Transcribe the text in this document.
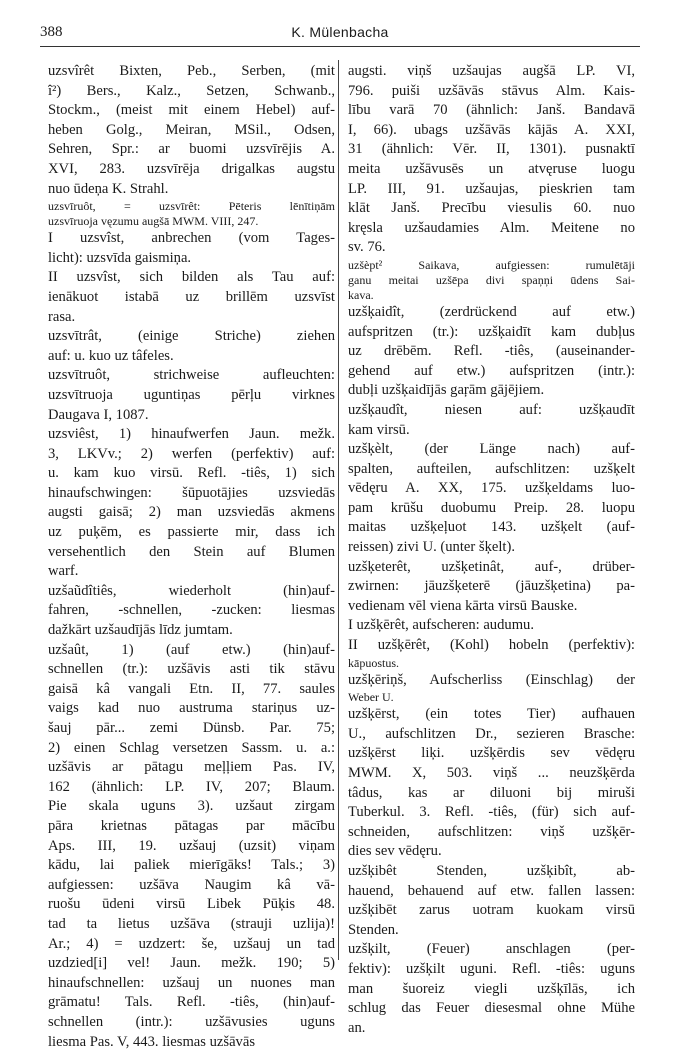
388	K. Mülenbacha
uzsvîrêt Bixten, Peb., Serben, (mit
î²) Bers., Kalz., Setzen, Schwanb.,
Stockm., (meist mit einem Hebel) auf-
heben Golg., Meiran, MSil., Odsen,
Sehren, Spr.: ar buomi uzsvīrējis A.
XVI, 283. uzsvīrēja drigalkas augstu
nuo ūdeņa K. Strahl.
uzsvīruôt, = uzsvīrêt: Pēteris lēnītiņām
uzsvīruoja vęzumu augšā MWM. VIII, 247.
I uzsvîst, anbrechen (vom Tages-
licht): uzsvīda gaismiņa.
II uzsvîst, sich bilden als Tau auf:
ienākuot istabā uz brillēm uzsvīst
rasa.
uzsvītrât, (einige Striche) ziehen
auf: u. kuo uz tâfeles.
uzsvītruôt, strichweise aufleuchten:
uzsvītruoja uguntiņas pērļu virknes
Daugava I, 1087.
uzsviêst, 1) hinaufwerfen Jaun. mežk.
3, LKVv.; 2) werfen (perfektiv) auf:
u. kam kuo virsū. Refl. -tiês, 1) sich
hinaufschwingen: šūpuotājies uzsviedās
augsti gaisā; 2) man uzsviedās akmens
uz puķēm, es passierte mir, dass ich
versehentlich den Stein auf Blumen
warf.
uzšaũdîtiês, wiederholt (hin)auf-
fahren, -schnellen, -zucken: liesmas
dažkārt uzšaudījās līdz jumtam.
uzšaût, 1) (auf etw.) (hin)auf-
schnellen (tr.): uzšāvis asti tik stāvu
gaisā kâ vangali Etn. II, 77. saules
vaigs kad nuo austruma stariņus uz-
šauj pār... zemi Dünsb. Par. 75;
2) einen Schlag versetzen Sassm. u. a.:
uzšāvis ar pātagu meļļiem Pas. IV,
162 (ähnlich: LP. IV, 207; Blaum.
Pie skala uguns 3). uzšaut zirgam
pāra krietnas pātagas par mācību
Aps. III, 19. uzšauj (uzsit) viņam
kādu, lai paliek mierīgāks! Tals.; 3)
aufgiessen: uzšāva Naugim kâ vā-
ruošu ūdeni virsū Libek Pūķis 48.
tad ta lietus uzšāva (strauji uzlija)!
Ar.; 4) = uzdzert: še, uzšauj un tad
uzdzied[i] vel! Jaun. mežk. 190; 5)
hinaufschnellen: uzšauj un nuones man
grāmatu! Tals. Refl. -tiês, (hin)auf-
schnellen (intr.): uzšāvusies uguns
liesma Pas. V, 443. liesmas uzšāvās
augsti. viņš uzšaujas augšā LP. VI,
796. puiši uzšāvās stāvus Alm. Kais-
lību varā 70 (ähnlich: Janš. Bandavā
I, 66). ubags uzšāvās kājās A. XXI,
31 (ähnlich: Vēr. II, 1301). pusnaktī
meita uzšāvusēs un atvęruse luogu
LP. III, 91. uzšaujas, pieskrien tam
klāt Janš. Precību viesulis 60. nuo
kręsla uzšaudamies Alm. Meitene no
sv. 76.
uzšèpt² Saikava, aufgiessen: rumulētāji
ganu meitai uzšēpa divi spaņņi ūdens Sai-
kava.
uzšķaidît, (zerdrückend auf etw.)
aufspritzen (tr.): uzšķaidīt kam dubļus
uz drēbēm. Refl. -tiês, (auseinander-
gehend auf etw.) aufspritzen (intr.):
dubļi uzšķaidījās gaŗām gājējiem.
uzšķaudît, niesen auf: uzšķaudīt
kam virsū.
uzšķèlt, (der Länge nach) auf-
spalten, aufteilen, aufschlitzen: uzšķelt
vēdęru A. XX, 175. uzšķeldams luo-
pam krūšu duobumu Preip. 28. luopu
maitas uzšķeļuot 143. uzšķelt (auf-
reissen) zivi U. (unter šķelt).
uzšķeterêt, uzšķetinât, auf-, drüber-
zwirnen: jāuzšķeterē (jāuzšķetina) pa-
vedienam vēl viena kārta virsū Bauske.
I uzšķērêt, aufscheren: audumu.
II uzšķērêt, (Kohl) hobeln (perfektiv):
kāpuostus.
uzšķēriņš, Aufscherliss (Einschlag) der
Weber U.
uzšķērst, (ein totes Tier) aufhauen
U., aufschlitzen Dr., sezieren Brasche:
uzšķērst liķi. uzšķērdis sev vēdęru
MWM. X, 503. viņš ... neuzšķērda
tâdus, kas ar diluoni bij miruši
Tuberkul. 3. Refl. -tiês, (für) sich auf-
schneiden, aufschlitzen: viņš uzšķēr-
dies sev vēdęru.
uzšķibêt Stenden, uzšķibît, ab-
hauend, behauend auf etw. fallen lassen:
uzšķibēt zarus uotram kuokam virsū
Stenden.
uzšķilt, (Feuer) anschlagen (per-
fektiv): uzšķilt uguni. Refl. -tiês: uguns
man šuoreiz viegli uzšķīlās, ich
schlug das Feuer diesesmal ohne Mühe
an.
